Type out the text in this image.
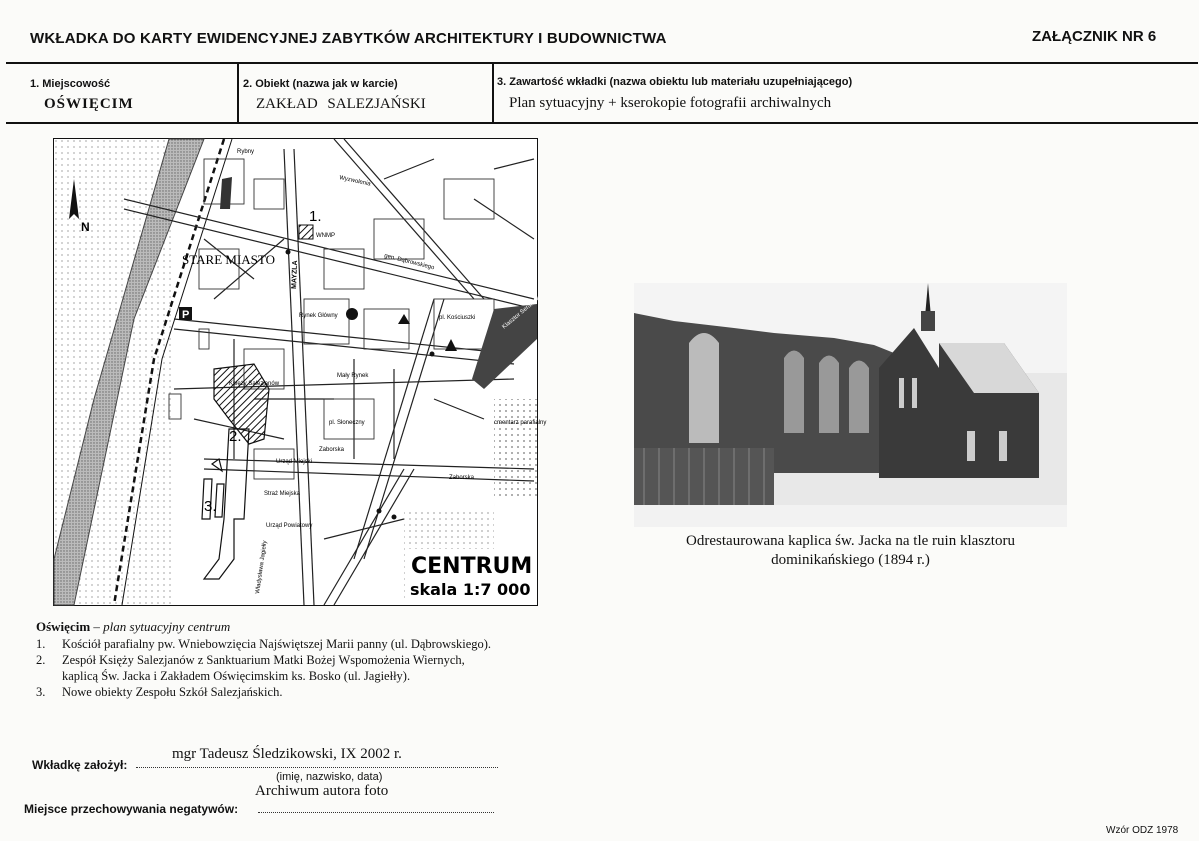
WKŁADKA DO KARTY EWIDENCYJNEJ ZABYTKÓW ARCHITEKTURY I BUDOWNICTWA	ZAŁĄCZNIK NR 6
1. Miejscowość
OŚWIĘCIM
2. Obiekt (nazwa jak w karcie)
ZAKŁAD SALEZJAŃSKI
3. Zawartość wkładki (nazwa obiektu lub materiału uzupełniającego)
Plan sytuacyjny + kserokopie fotografii archiwalnych
P
N
1.
2.
3.
STARE MIASTO
WNMP
MAYZLA	gen. Dąbrowskiego
Rynek Główny
Mały Rynek
pl. Słoneczny
pl. Kościuszki
Księży Salezjanów
Urząd Miejski
Straż Miejska
Urząd Powiatowy
cmentarz parafialny
Klasztor Serafitek
Zaborska
Zaborska
Wyzwolenia
Władysława Jagiełły
Rybny
CENTRUM
skala 1:7 000
Odrestaurowana kaplica św. Jacka na tle ruin klasztoru
dominikańskiego (1894 r.)
Oświęcim – plan sytuacyjny centrum
1. Kościół parafialny pw. Wniebowzięcia Najświętszej Marii panny (ul. Dąbrowskiego).
2. Zespół Księży Salezjanów z Sanktuarium Matki Bożej Wspomożenia Wiernych,
kaplicą Św. Jacka i Zakładem Oświęcimskim ks. Bosko (ul. Jagiełły).
3. Nowe obiekty Zespołu Szkół Salezjańskich.
Wkładkę założył:
mgr Tadeusz Śledzikowski, IX 2002 r.
(imię, nazwisko, data)
Archiwum autora foto
Miejsce przechowywania negatywów:
Wzór ODZ 1978
